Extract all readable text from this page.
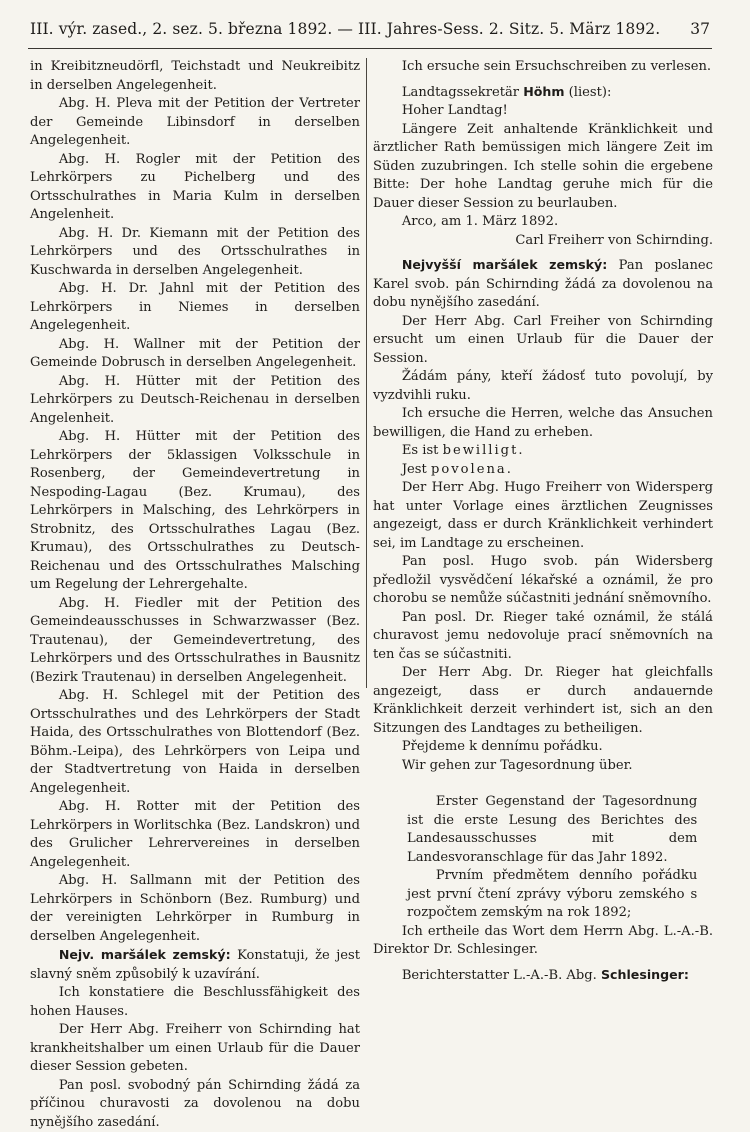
III. výr. zased., 2. sez. 5. března 1892. — III. Jahres-Sess. 2. Sitz. 5. März 1892. 37

in Kreibitzneudörfl, Teichstadt und Neukreibitz in derselben Angelegenheit.

Abg. H. Pleva mit der Petition der Vertreter der Gemeinde Libinsdorf in derselben Angelegenheit.

Abg. H. Rogler mit der Petition des Lehrkörpers zu Pichelberg und des Ortsschulrathes in Maria Kulm in derselben Angelenheit.

Abg. H. Dr. Kiemann mit der Petition des Lehrkörpers und des Ortsschulrathes in Kuschwarda in derselben Angelegenheit.

Abg. H. Dr. Jahnl mit der Petition des Lehrkörpers in Niemes in derselben Angelegenheit.

Abg. H. Wallner mit der Petition der Gemeinde Dobrusch in derselben Angelegenheit.

Abg. H. Hütter mit der Petition des Lehrkörpers zu Deutsch-Reichenau in derselben Angelenheit.

Abg. H. Hütter mit der Petition des Lehrkörpers der 5klassigen Volksschule in Rosenberg, der Gemeindevertretung in Nespoding-Lagau (Bez. Krumau), des Lehrkörpers in Malsching, des Lehrkörpers in Strobnitz, des Ortsschulrathes Lagau (Bez. Krumau), des Ortsschulrathes zu Deutsch-Reichenau und des Ortsschulrathes Malsching um Regelung der Lehrergehalte.

Abg. H. Fiedler mit der Petition des Gemeindeausschusses in Schwarzwasser (Bez. Trautenau), der Gemeindevertretung, des Lehrkörpers und des Ortsschulrathes in Bausnitz (Bezirk Trautenau) in derselben Angelegenheit.

Abg. H. Schlegel mit der Petition des Ortsschulrathes und des Lehrkörpers der Stadt Haida, des Ortsschulrathes von Blottendorf (Bez. Böhm.-Leipa), des Lehrkörpers von Leipa und der Stadtvertretung von Haida in derselben Angelegenheit.

Abg. H. Rotter mit der Petition des Lehrkörpers in Worlitschka (Bez. Landskron) und des Grulicher Lehrervereines in derselben Angelegenheit.

Abg. H. Sallmann mit der Petition des Lehrkörpers in Schönborn (Bez. Rumburg) und der vereinigten Lehrkörper in Rumburg in derselben Angelegenheit.

Nejv. maršálek zemský: Konstatuji, že jest slavný sněm způsobilý k uzavírání.

Ich konstatiere die Beschlussfähigkeit des hohen Hauses.

Der Herr Abg. Freiherr von Schirnding hat krankheitshalber um einen Urlaub für die Dauer dieser Session gebeten.

Pan posl. svobodný pán Schirnding žádá za příčinou churavosti za dovolenou na dobu nynějšího zasedání.

Ich ersuche sein Ersuchschreiben zu verlesen.

Landtagssekretär Höhm (liest):

Hoher Landtag!

Längere Zeit anhaltende Kränklichkeit und ärztlicher Rath bemüssigen mich längere Zeit im Süden zuzubringen. Ich stelle sohin die ergebene Bitte: Der hohe Landtag geruhe mich für die Dauer dieser Session zu beurlauben.

Arco, am 1. März 1892.

Carl Freiherr von Schirnding.

Nejvyšší maršálek zemský: Pan poslanec Karel svob. pán Schirnding žádá za dovolenou na dobu nynějšího zasedání.

Der Herr Abg. Carl Freiher von Schirnding ersucht um einen Urlaub für die Dauer der Session.

Žádám pány, kteří žádosť tuto povolují, by vyzdvihli ruku.

Ich ersuche die Herren, welche das Ansuchen bewilligen, die Hand zu erheben.

Es ist bewilligt.

Jest povolena.

Der Herr Abg. Hugo Freiherr von Widersperg hat unter Vorlage eines ärztlichen Zeugnisses angezeigt, dass er durch Kränklichkeit verhindert sei, im Landtage zu erscheinen.

Pan posl. Hugo svob. pán Widersberg předložil vysvědčení lékařské a oznámil, že pro chorobu se nemůže súčastniti jednání sněmovního.

Pan posl. Dr. Rieger také oznámil, že stálá churavost jemu nedovoluje prací sněmovních na ten čas se súčastniti.

Der Herr Abg. Dr. Rieger hat gleichfalls angezeigt, dass er durch andauernde Kränklichkeit derzeit verhindert ist, sich an den Sitzungen des Landtages zu betheiligen.

Přejdeme k dennímu pořádku.

Wir gehen zur Tagesordnung über.

Erster Gegenstand der Tagesordnung ist die erste Lesung des Berichtes des Landesausschusses mit dem Landesvoranschlage für das Jahr 1892.

Prvním předmětem denního pořádku jest první čtení zprávy výboru zemského s rozpočtem zemským na rok 1892;

Ich ertheile das Wort dem Herrn Abg. L.-A.-B. Direktor Dr. Schlesinger.

Berichterstatter L.-A.-B. Abg. Schlesinger:
